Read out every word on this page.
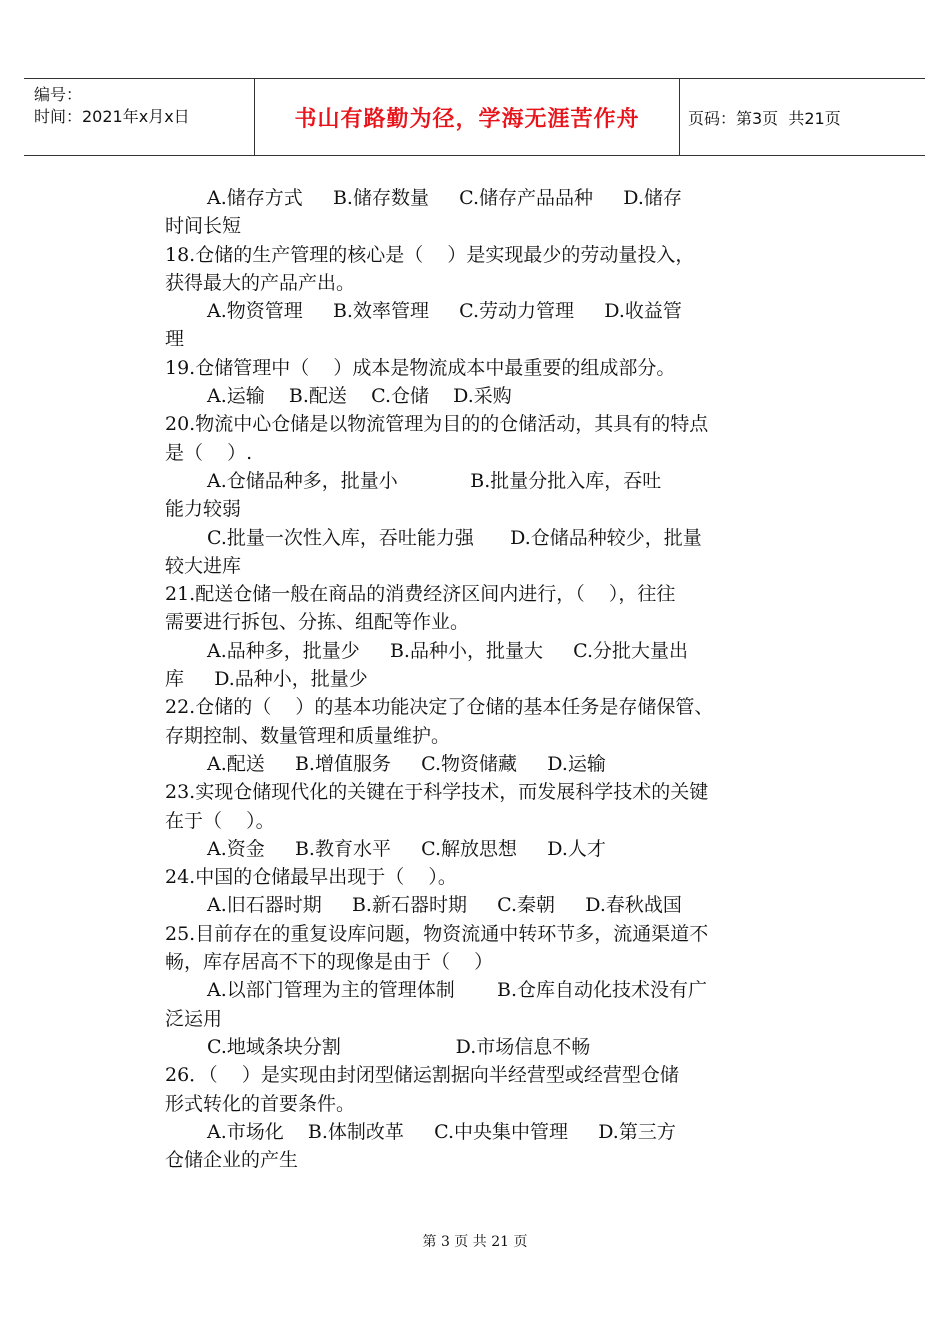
编号：
时间：2021年x月x日	书山有路勤为径，学海无涯苦作舟	页码：第3页  共21页
A.储存方式     B.储存数量     C.储存产品品种     D.储存
时间长短
18.仓储的生产管理的核心是（    ）是实现最少的劳动量投入，
获得最大的产品产出。
A.物资管理     B.效率管理     C.劳动力管理     D.收益管
理
19.仓储管理中（    ）成本是物流成本中最重要的组成部分。
A.运输    B.配送    C.仓储    D.采购
20.物流中心仓储是以物流管理为目的的仓储活动，其具有的特点
是（    ）.
A.仓储品种多，批量小            B.批量分批入库，吞吐
能力较弱
C.批量一次性入库，吞吐能力强      D.仓储品种较少，批量
较大进库
21.配送仓储一般在商品的消费经济区间内进行，（    ），往往
需要进行拆包、分拣、组配等作业。
A.品种多，批量少     B.品种小，批量大     C.分批大量出
库     D.品种小，批量少
22.仓储的（    ）的基本功能决定了仓储的基本任务是存储保管、
存期控制、数量管理和质量维护。
A.配送     B.增值服务     C.物资储藏     D.运输
23.实现仓储现代化的关键在于科学技术，而发展科学技术的关键
在于（    ）。
A.资金     B.教育水平     C.解放思想     D.人才
24.中国的仓储最早出现于（    ）。
A.旧石器时期     B.新石器时期     C.秦朝     D.春秋战国
25.目前存在的重复设库问题，物资流通中转环节多，流通渠道不
畅，库存居高不下的现像是由于（    ）
A.以部门管理为主的管理体制       B.仓库自动化技术没有广
泛运用
C.地域条块分割                   D.市场信息不畅
26．（    ）是实现由封闭型储运割据向半经营型或经营型仓储
形式转化的首要条件。
A.市场化    B.体制改革     C.中央集中管理     D.第三方
仓储企业的产生
第 3 页 共 21 页
